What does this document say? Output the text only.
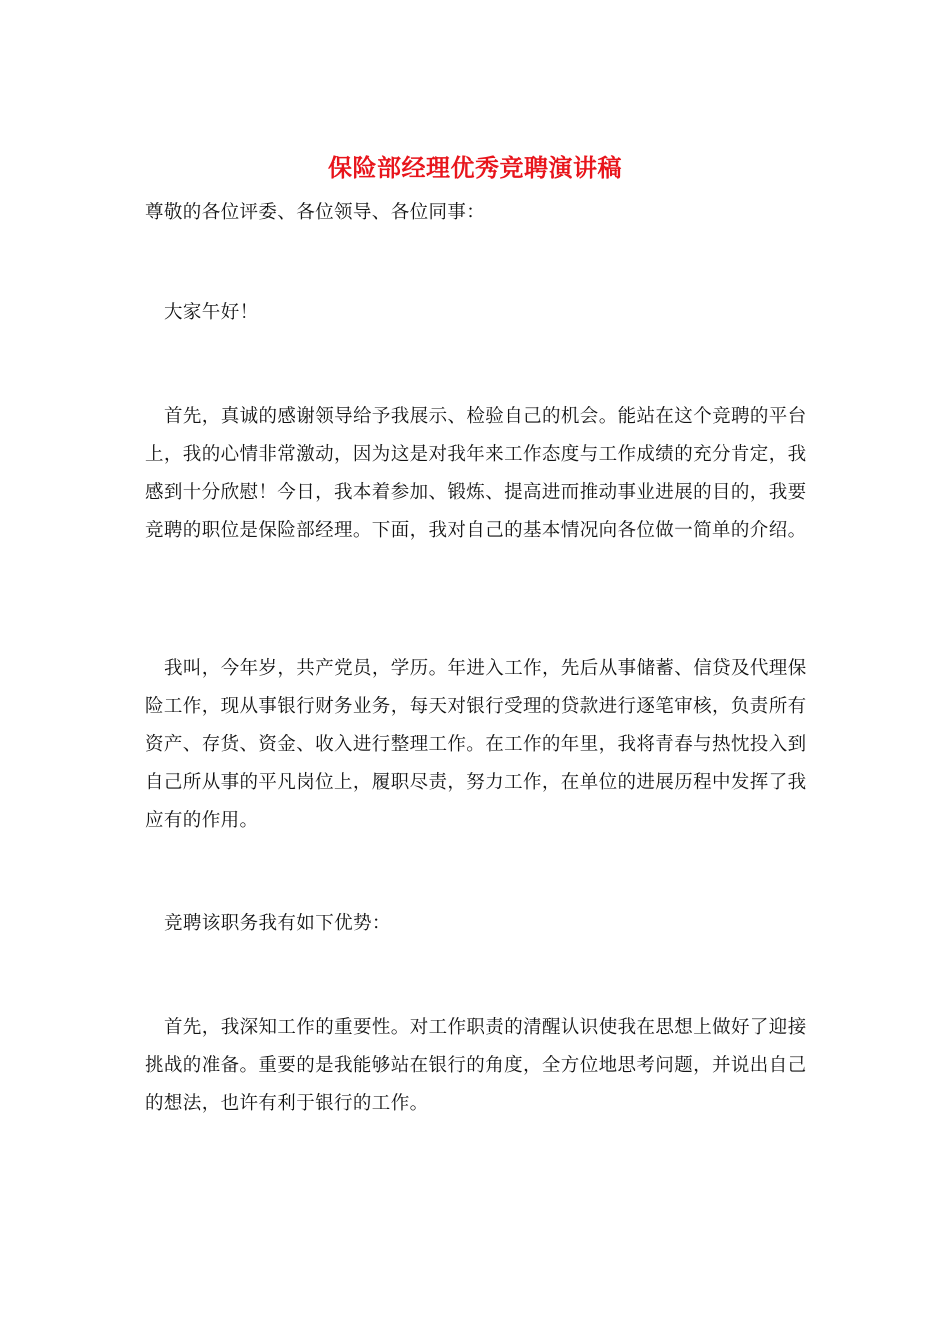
保险部经理优秀竞聘演讲稿

尊敬的各位评委、各位领导、各位同事：

大家午好！

首先，真诚的感谢领导给予我展示、检验自己的机会。能站在这个竞聘的平台上，我的心情非常激动，因为这是对我年来工作态度与工作成绩的充分肯定，我感到十分欣慰！今日，我本着参加、锻炼、提高进而推动事业进展的目的，我要竞聘的职位是保险部经理。下面，我对自己的基本情况向各位做一简单的介绍。

我叫，今年岁，共产党员，学历。年进入工作，先后从事储蓄、信贷及代理保险工作，现从事银行财务业务，每天对银行受理的贷款进行逐笔审核，负责所有资产、存货、资金、收入进行整理工作。在工作的年里，我将青春与热忱投入到自己所从事的平凡岗位上，履职尽责，努力工作，在单位的进展历程中发挥了我应有的作用。

竞聘该职务我有如下优势：

首先，我深知工作的重要性。对工作职责的清醒认识使我在思想上做好了迎接挑战的准备。重要的是我能够站在银行的角度，全方位地思考问题，并说出自己的想法，也许有利于银行的工作。
